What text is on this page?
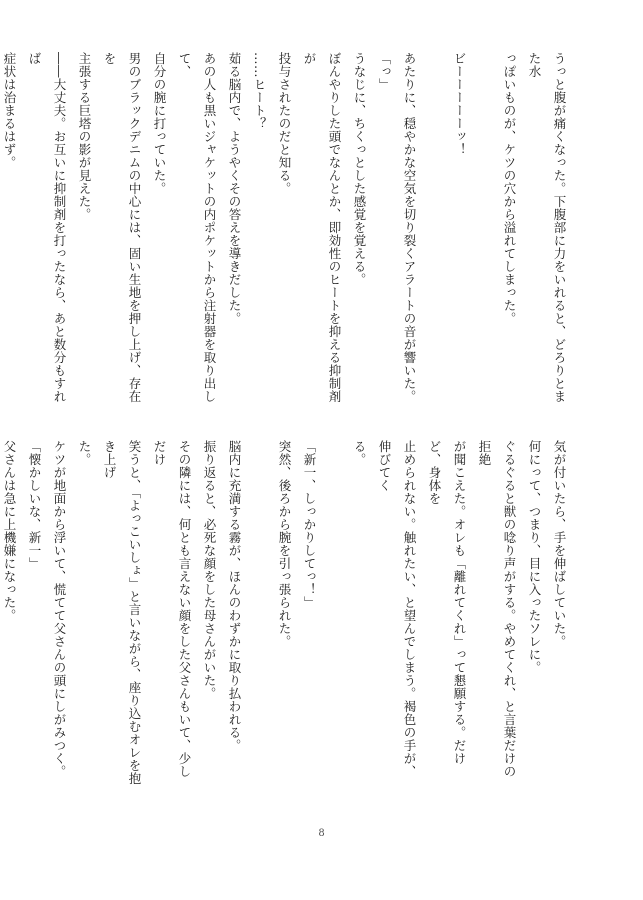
うっと腹が痛くなった。下腹部に力をいれると、どろりとまた水

っぽいものが、ケツの穴から溢れてしまった。

ビーーーーーッ！

あたりに、穏やかな空気を切り裂くアラートの音が響いた。

「っ」

うなじに、ちくっとした感覚を覚える。

ぼんやりした頭でなんとか、即効性のヒートを抑える抑制剤が

投与されたのだと知る。

……ヒート？

茹る脳内で、ようやくその答えを導きだした。

あの人も黒いジャケットの内ポケットから注射器を取り出して、

自分の腕に打っていた。

男のブラックデニムの中心には、固い生地を押し上げ、存在を

主張する巨塔の影が見えた。

――大丈夫。お互いに抑制剤を打ったなら、あと数分もすれば

症状は治まるはず。

気が付いたら、手を伸ばしていた。

何にって、つまり、目に入ったソレに。

ぐるぐると獣の唸り声がする。やめてくれ、と言葉だけの拒絶

が聞こえた。オレも「離れてくれ」って懇願する。だけど、身体を

止められない。触れたい、と望んでしまう。褐色の手が、伸びてく

る。

「新一、しっかりしてっ！」

突然、後ろから腕を引っ張られた。

脳内に充満する霧が、ほんのわずかに取り払われる。

振り返ると、必死な顔をした母さんがいた。

その隣には、何とも言えない顔をした父さんもいて、少しだけ

笑うと、「よっこいしょ」と言いながら、座り込むオレを抱き上げ

た。

ケツが地面から浮いて、慌てて父さんの頭にしがみつく。

「懐かしいな、新一」

父さんは急に上機嫌になった。

8
